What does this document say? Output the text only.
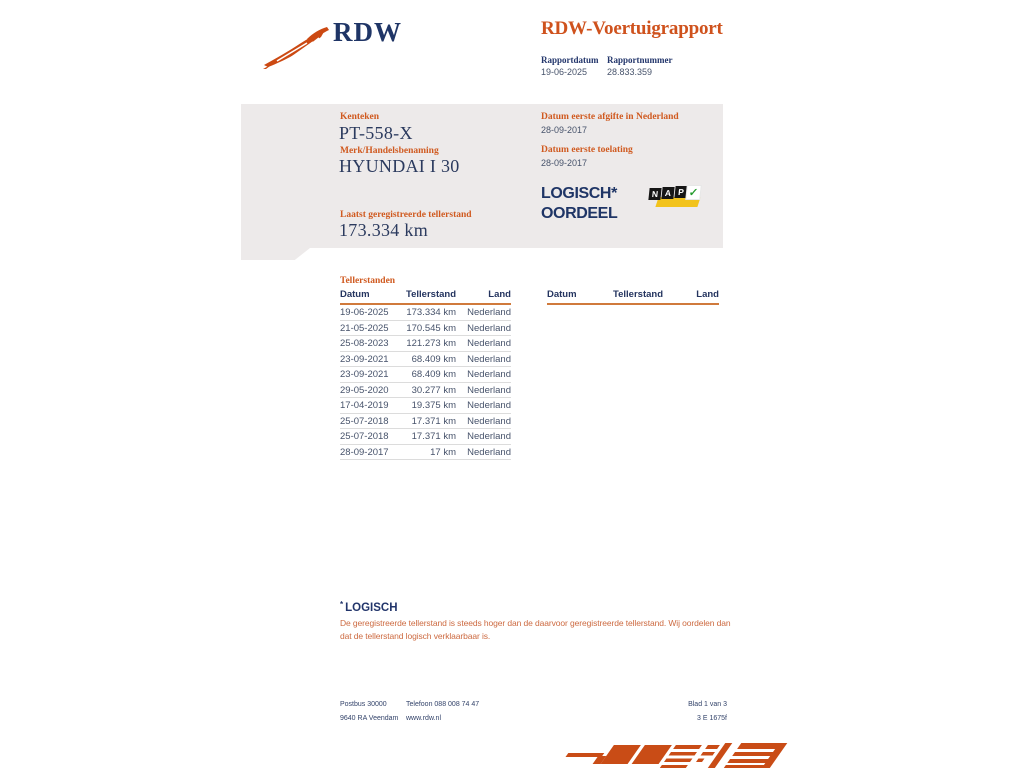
RDW	RDW-Voertuigrapport
Rapportdatum Rapportnummer
19-06-2025 28.833.359
Kenteken
PT-558-X
Merk/Handelsbenaming
HYUNDAI I 30
Laatst geregistreerde tellerstand
173.334 km
Datum eerste afgifte in Nederland
28-09-2017
Datum eerste toelating
28-09-2017
LOGISCH*
OORDEEL
N A P ✓
Tellerstanden
Datum	Tellerstand	Land
19-06-2025	173.334 km	Nederland
21-05-2025	170.545 km	Nederland
25-08-2023	121.273 km	Nederland
23-09-2021	68.409 km	Nederland
23-09-2021	68.409 km	Nederland
29-05-2020	30.277 km	Nederland
17-04-2019	19.375 km	Nederland
25-07-2018	17.371 km	Nederland
25-07-2018	17.371 km	Nederland
28-09-2017	17 km	Nederland
Datum	Tellerstand	Land
* LOGISCH
De geregistreerde tellerstand is steeds hoger dan de daarvoor geregistreerde tellerstand. Wij oordelen dan dat de tellerstand logisch verklaarbaar is.
Postbus 30000
9640 RA Veendam
Telefoon 088 008 74 47
www.rdw.nl
Blad 1 van 3
3 E 1675f
